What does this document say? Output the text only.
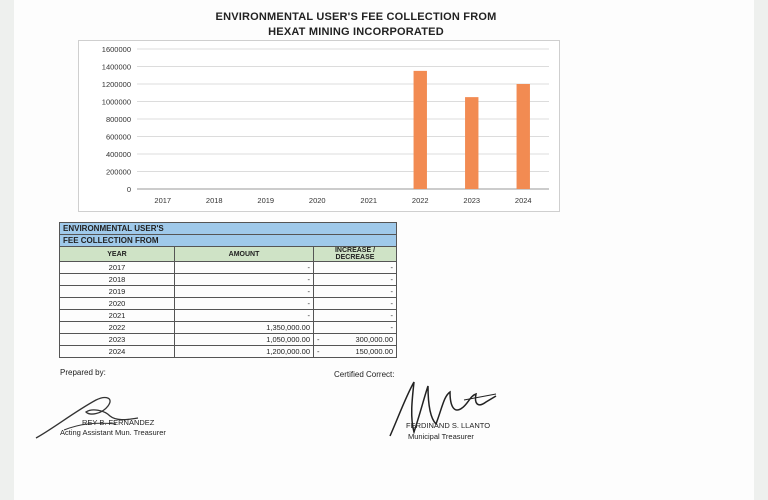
ENVIRONMENTAL USER'S FEE COLLECTION FROM
HEXAT MINING INCORPORATED
0
200000
400000
600000
800000
1000000
1200000
1400000
1600000
2017	2018	2019	2020	2021	2022	2023	2024
ENVIRONMENTAL USER'S		
FEE COLLECTION FROM		
YEAR	AMOUNT	INCREASE / DECREASE
2017	-	-
2018	-	-
2019	-	-
2020	-	-
2021	-	-
2022	1,350,000.00	-
2023	1,050,000.00	- 300,000.00
2024	1,200,000.00	- 150,000.00
Prepared by:	Certified Correct:
REY B. FERNANDEZ
Acting Assistant Mun. Treasurer
FERDINAND S. LLANTO
Municipal Treasurer
